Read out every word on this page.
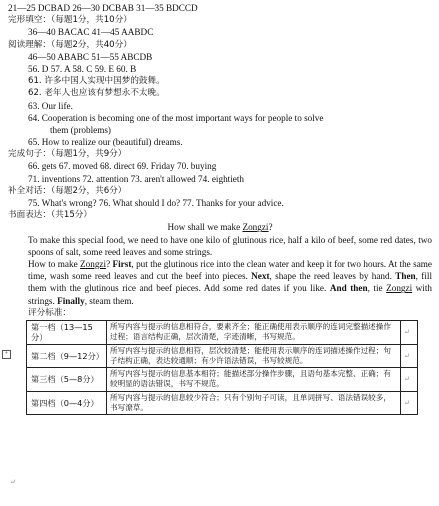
21—25 DCBAD 26—30 DCBAB 31—35 BDCCD
完形填空：（每题1分，共10分）
36—40 BACAC 41—45 AABDC
阅读理解：（每题2分，共40分）
46—50 ABABC 51—55 ABCDB
56. D 57. A 58. C 59. E 60. B
61. 许多中国人实现中国梦的鼓舞。
62. 老年人也应该有梦想永不太晚。
63. Our life.
64. Cooperation is becoming one of the most important ways for people to solve
them (problems)
65. How to realize our (beautiful) dreams.
完成句子：（每题1分，共9分）
66. gets 67. moved 68. direct 69. Friday 70. buying
71. inventions 72. attention 73. aren't allowed 74. eightieth
补全对话：（每题2分，共6分）
75. What's wrong? 76. What should I do? 77. Thanks for your advice.
书面表达：（共15分）
How shall we make Zongzi?
To make this special food, we need to have one kilo of glutinous rice, half a kilo of beef, some red dates, two spoons of salt, some reed leaves and some strings.
How to make Zongzi? First, put the glutinous rice into the clean water and keep it for two hours. At the same time, wash some reed leaves and cut the beef into pieces. Next, shape the reed leaves by hand. Then, fill them with the glutinous rice and beef pieces. Add some red dates if you like. And then, tie Zongzi with strings. Finally, steam them.
评分标准：
第一档（13—15分）	所写内容与提示的信息相符合，要素齐全；能正确使用表示顺序的连词完整描述操作过程；语言结构正确，层次清楚，字迹清晰，书写规范。	↵
第二档（9—12分）	所写内容与提示的信息相符，层次较清楚；能使用表示顺序的连词描述操作过程；句子结构正确，表达较通顺；有少许语法错误，书写较规范。	↵
第三档（5—8分）	所写内容与提示的信息基本相符；能描述部分操作步骤，且语句基本完整、正确；有较明显的语法错误，书写不规范。	↵
第四档（0—4分）	所写内容与提示的信息较少符合；只有个别句子可读，且单词拼写、语法错误较多，书写潦草。	↵
+
↵
